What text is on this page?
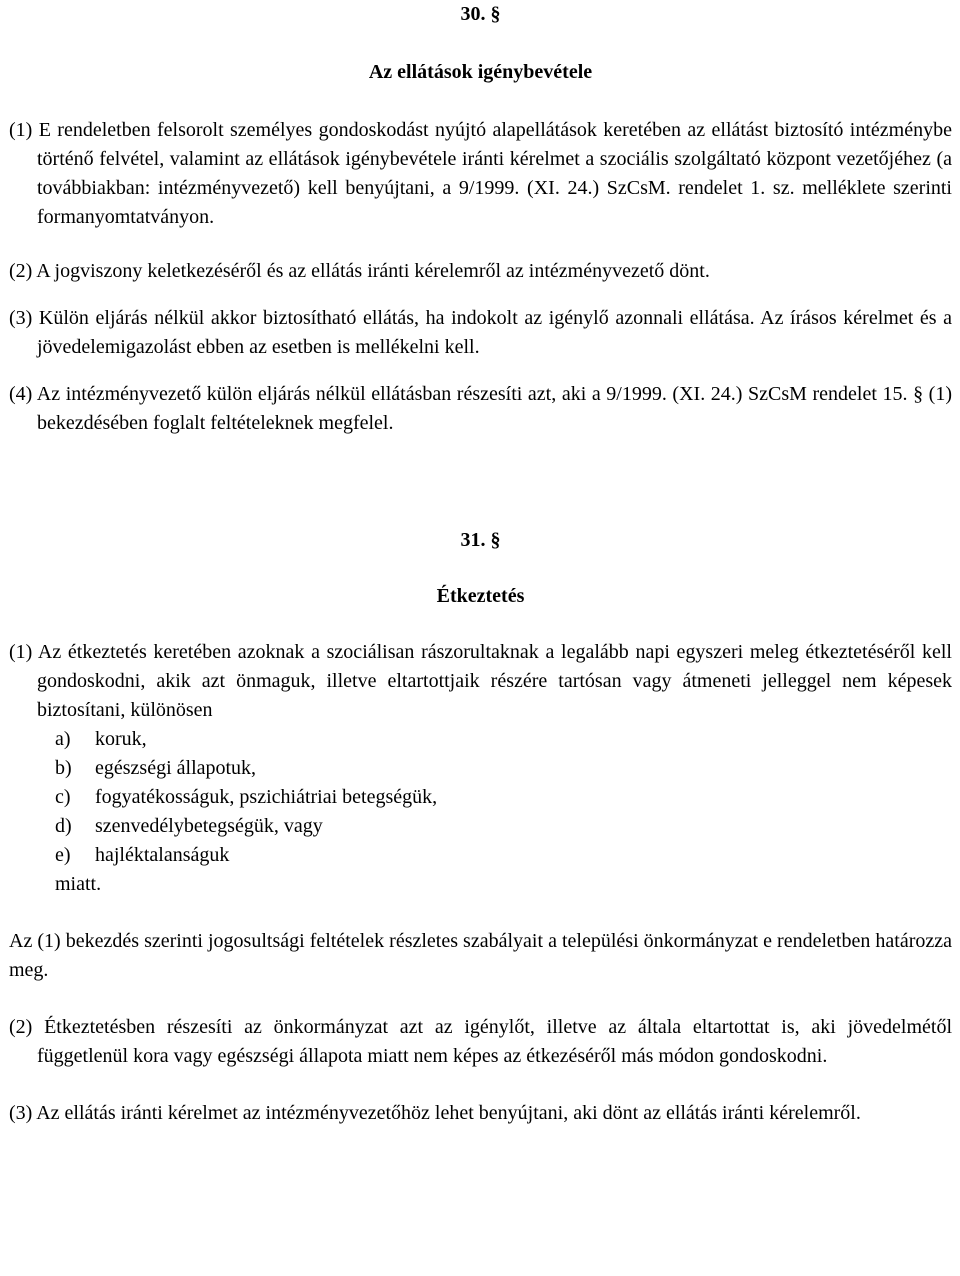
30. §

Az ellátások igénybevétele

(1) E rendeletben felsorolt személyes gondoskodást nyújtó alapellátások keretében az ellátást biztosító intézménybe történő felvétel, valamint az ellátások igénybevétele iránti kérelmet a szociális szolgáltató központ vezetőjéhez (a továbbiakban: intézményvezető) kell benyújtani, a 9/1999. (XI. 24.) SzCsM. rendelet 1. sz. melléklete szerinti formanyomtatványon.

(2) A jogviszony keletkezéséről és az ellátás iránti kérelemről az intézményvezető dönt.

(3) Külön eljárás nélkül akkor biztosítható ellátás, ha indokolt az igénylő azonnali ellátása. Az írásos kérelmet és a jövedelemigazolást ebben az esetben is mellékelni kell.

(4) Az intézményvezető külön eljárás nélkül ellátásban részesíti azt, aki a 9/1999. (XI. 24.) SzCsM rendelet 15. § (1) bekezdésében foglalt feltételeknek megfelel.

31. §

Étkeztetés

(1) Az étkeztetés keretében azoknak a szociálisan rászorultaknak a legalább napi egyszeri meleg étkeztetéséről kell gondoskodni, akik azt önmaguk, illetve eltartottjaik részére tartósan vagy átmeneti jelleggel nem képesek biztosítani, különösen

a) koruk,

b) egészségi állapotuk,

c) fogyatékosságuk, pszichiátriai betegségük,

d) szenvedélybetegségük, vagy

e) hajléktalanságuk

miatt.

Az (1) bekezdés szerinti jogosultsági feltételek részletes szabályait a települési önkormányzat e rendeletben határozza meg.

(2) Étkeztetésben részesíti az önkormányzat azt az igénylőt, illetve az általa eltartottat is, aki jövedelmétől függetlenül kora vagy egészségi állapota miatt nem képes az étkezéséről más módon gondoskodni.

(3) Az ellátás iránti kérelmet az intézményvezetőhöz lehet benyújtani, aki dönt az ellátás iránti kérelemről.
